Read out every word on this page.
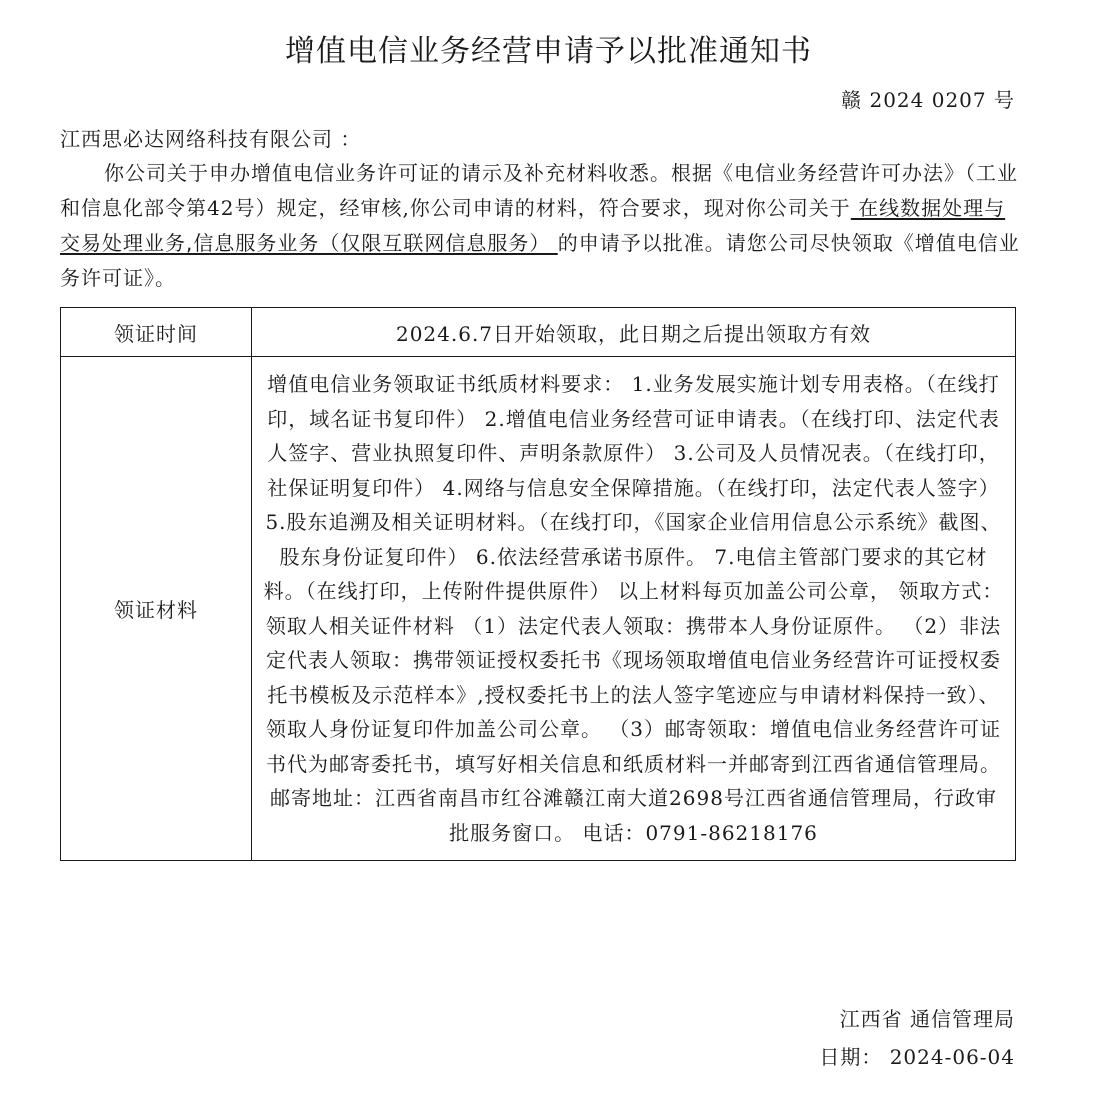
增值电信业务经营申请予以批准通知书
赣 2024 0207 号
江西思必达网络科技有限公司 ：

你公司关于申办增值电信业务许可证的请示及补充材料收悉。根据《电信业务经营许可办法》（工业和信息化部令第42号）规定，经审核,你公司申请的材料，符合要求，现对你公司关于 在线数据处理与交易处理业务,信息服务业务（仅限互联网信息服务） 的申请予以批准。请您公司尽快领取《增值电信业务许可证》。

领证时间	2024.6.7日开始领取，此日期之后提出领取方有效
领证材料	增值电信业务领取证书纸质材料要求： 1.业务发展实施计划专用表格。（在线打印，域名证书复印件） 2.增值电信业务经营可证申请表。（在线打印、法定代表人签字、营业执照复印件、声明条款原件） 3.公司及人员情况表。（在线打印，社保证明复印件） 4.网络与信息安全保障措施。（在线打印，法定代表人签字） 5.股东追溯及相关证明材料。（在线打印，《国家企业信用信息公示系统》截图、股东身份证复印件） 6.依法经营承诺书原件。 7.电信主管部门要求的其它材料。（在线打印，上传附件提供原件） 以上材料每页加盖公司公章， 领取方式： 领取人相关证件材料 （1）法定代表人领取：携带本人身份证原件。 （2）非法定代表人领取：携带领证授权委托书《现场领取增值电信业务经营许可证授权委托书模板及示范样本》,授权委托书上的法人签字笔迹应与申请材料保持一致）、领取人身份证复印件加盖公司公章。 （3）邮寄领取：增值电信业务经营许可证书代为邮寄委托书，填写好相关信息和纸质材料一并邮寄到江西省通信管理局。 邮寄地址：江西省南昌市红谷滩赣江南大道2698号江西省通信管理局，行政审批服务窗口。 电话：0791-86218176
江西省 通信管理局
日期： 2024-06-04
